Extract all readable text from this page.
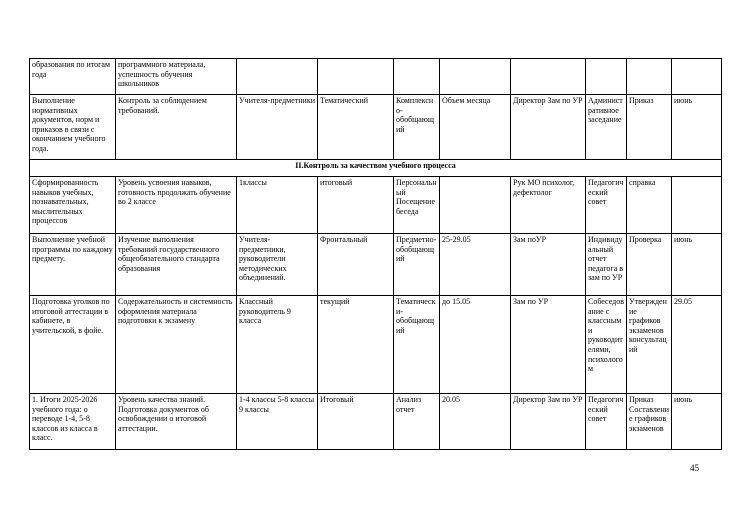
образования по итогам года	программного материала, успешность обучения школьников								
Выполнение нормативных документов, норм и приказов в связи с окончанием учебного года.	Контроль за соблюдением требований.	Учителя-предметники	Тематический	Комплексно-обобщающий	Объем месяца	Директор Зам по УР	Административное заседание	Приказ	июнь
II.Контроль за качеством учебного процесса									
Сформированность навыков учебных, познавательных, мыслительных процессов	Уровень усвоения навыков, готовность продолжать обучение во 2 классе	1классы	итоговый	Персональный Посещение беседа		Рук МО психолог, дефектолог	Педагогический совет	справка	
Выполнение учебной программы по каждому предмету.	Изучение выполнения требований государственного общеобязательного стандарта образования	Учителя-предметники, руководители методических объединений.	Фронтальный	Предметно-обобщающий	25-29.05	Зам поУР	Индивидуальный отчет педагога в зам по УР	Проверка	июнь
Подготовка уголков по итоговой аттестации в кабинете, в учительской, в фойе.	Содержательность и системность оформления материала подготовки к экзамену	Классный руководитель 9 класса	текущий	Тематически-обобщающий	до 15.05	Зам по УР	Собеседование с классными руководителями, психологом	Утверждение графиков экзаменов консультаций	29.05
1. Итоги 2025-2026 учебного года: о переводе 1-4, 5-8 классов из класса в класс.	Уровень качества знаний. Подготовка документов об освобождении о итоговой аттестации.	1-4 классы 5-8 классы 9 классы	Итоговый	Анализ отчет	20.05	Директор Зам по УР	Педагогический совет	Приказ Составление графиков экзаменов	июнь
45
